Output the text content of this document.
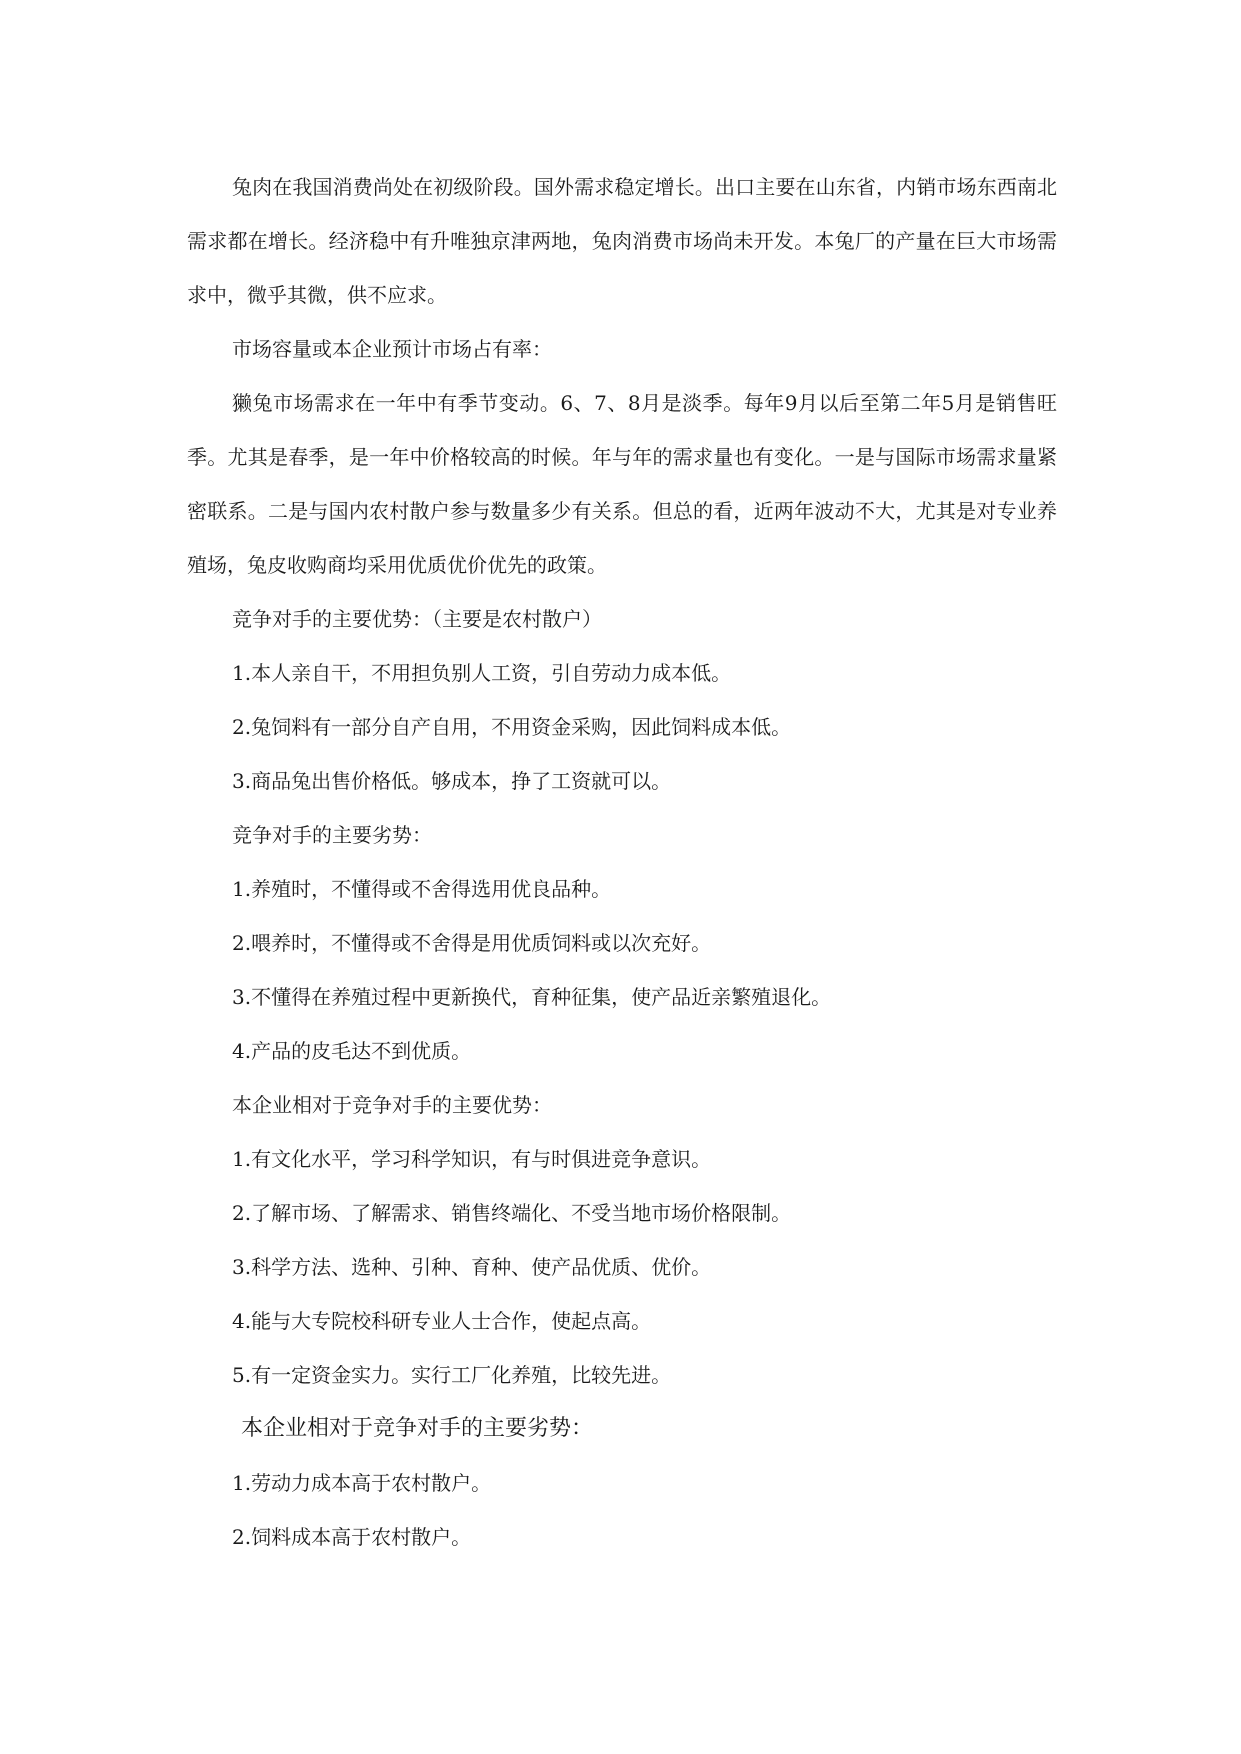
兔肉在我国消费尚处在初级阶段。国外需求稳定增长。出口主要在山东省，内销市场东西南北需求都在增长。经济稳中有升唯独京津两地，兔肉消费市场尚未开发。本兔厂的产量在巨大市场需求中，微乎其微，供不应求。

市场容量或本企业预计市场占有率：

獭兔市场需求在一年中有季节变动。6、7、8月是淡季。每年9月以后至第二年5月是销售旺季。尤其是春季，是一年中价格较高的时候。年与年的需求量也有变化。一是与国际市场需求量紧密联系。二是与国内农村散户参与数量多少有关系。但总的看，近两年波动不大，尤其是对专业养殖场，兔皮收购商均采用优质优价优先的政策。

竞争对手的主要优势：（主要是农村散户）

1.本人亲自干，不用担负别人工资，引自劳动力成本低。

2.兔饲料有一部分自产自用，不用资金采购，因此饲料成本低。

3.商品兔出售价格低。够成本，挣了工资就可以。

竞争对手的主要劣势：

1.养殖时，不懂得或不舍得选用优良品种。

2.喂养时，不懂得或不舍得是用优质饲料或以次充好。

3.不懂得在养殖过程中更新换代，育种征集，使产品近亲繁殖退化。

4.产品的皮毛达不到优质。

本企业相对于竞争对手的主要优势：

1.有文化水平，学习科学知识，有与时俱进竞争意识。

2.了解市场、了解需求、销售终端化、不受当地市场价格限制。

3.科学方法、选种、引种、育种、使产品优质、优价。

4.能与大专院校科研专业人士合作，使起点高。

5.有一定资金实力。实行工厂化养殖，比较先进。

本企业相对于竞争对手的主要劣势：

1.劳动力成本高于农村散户。

2.饲料成本高于农村散户。
